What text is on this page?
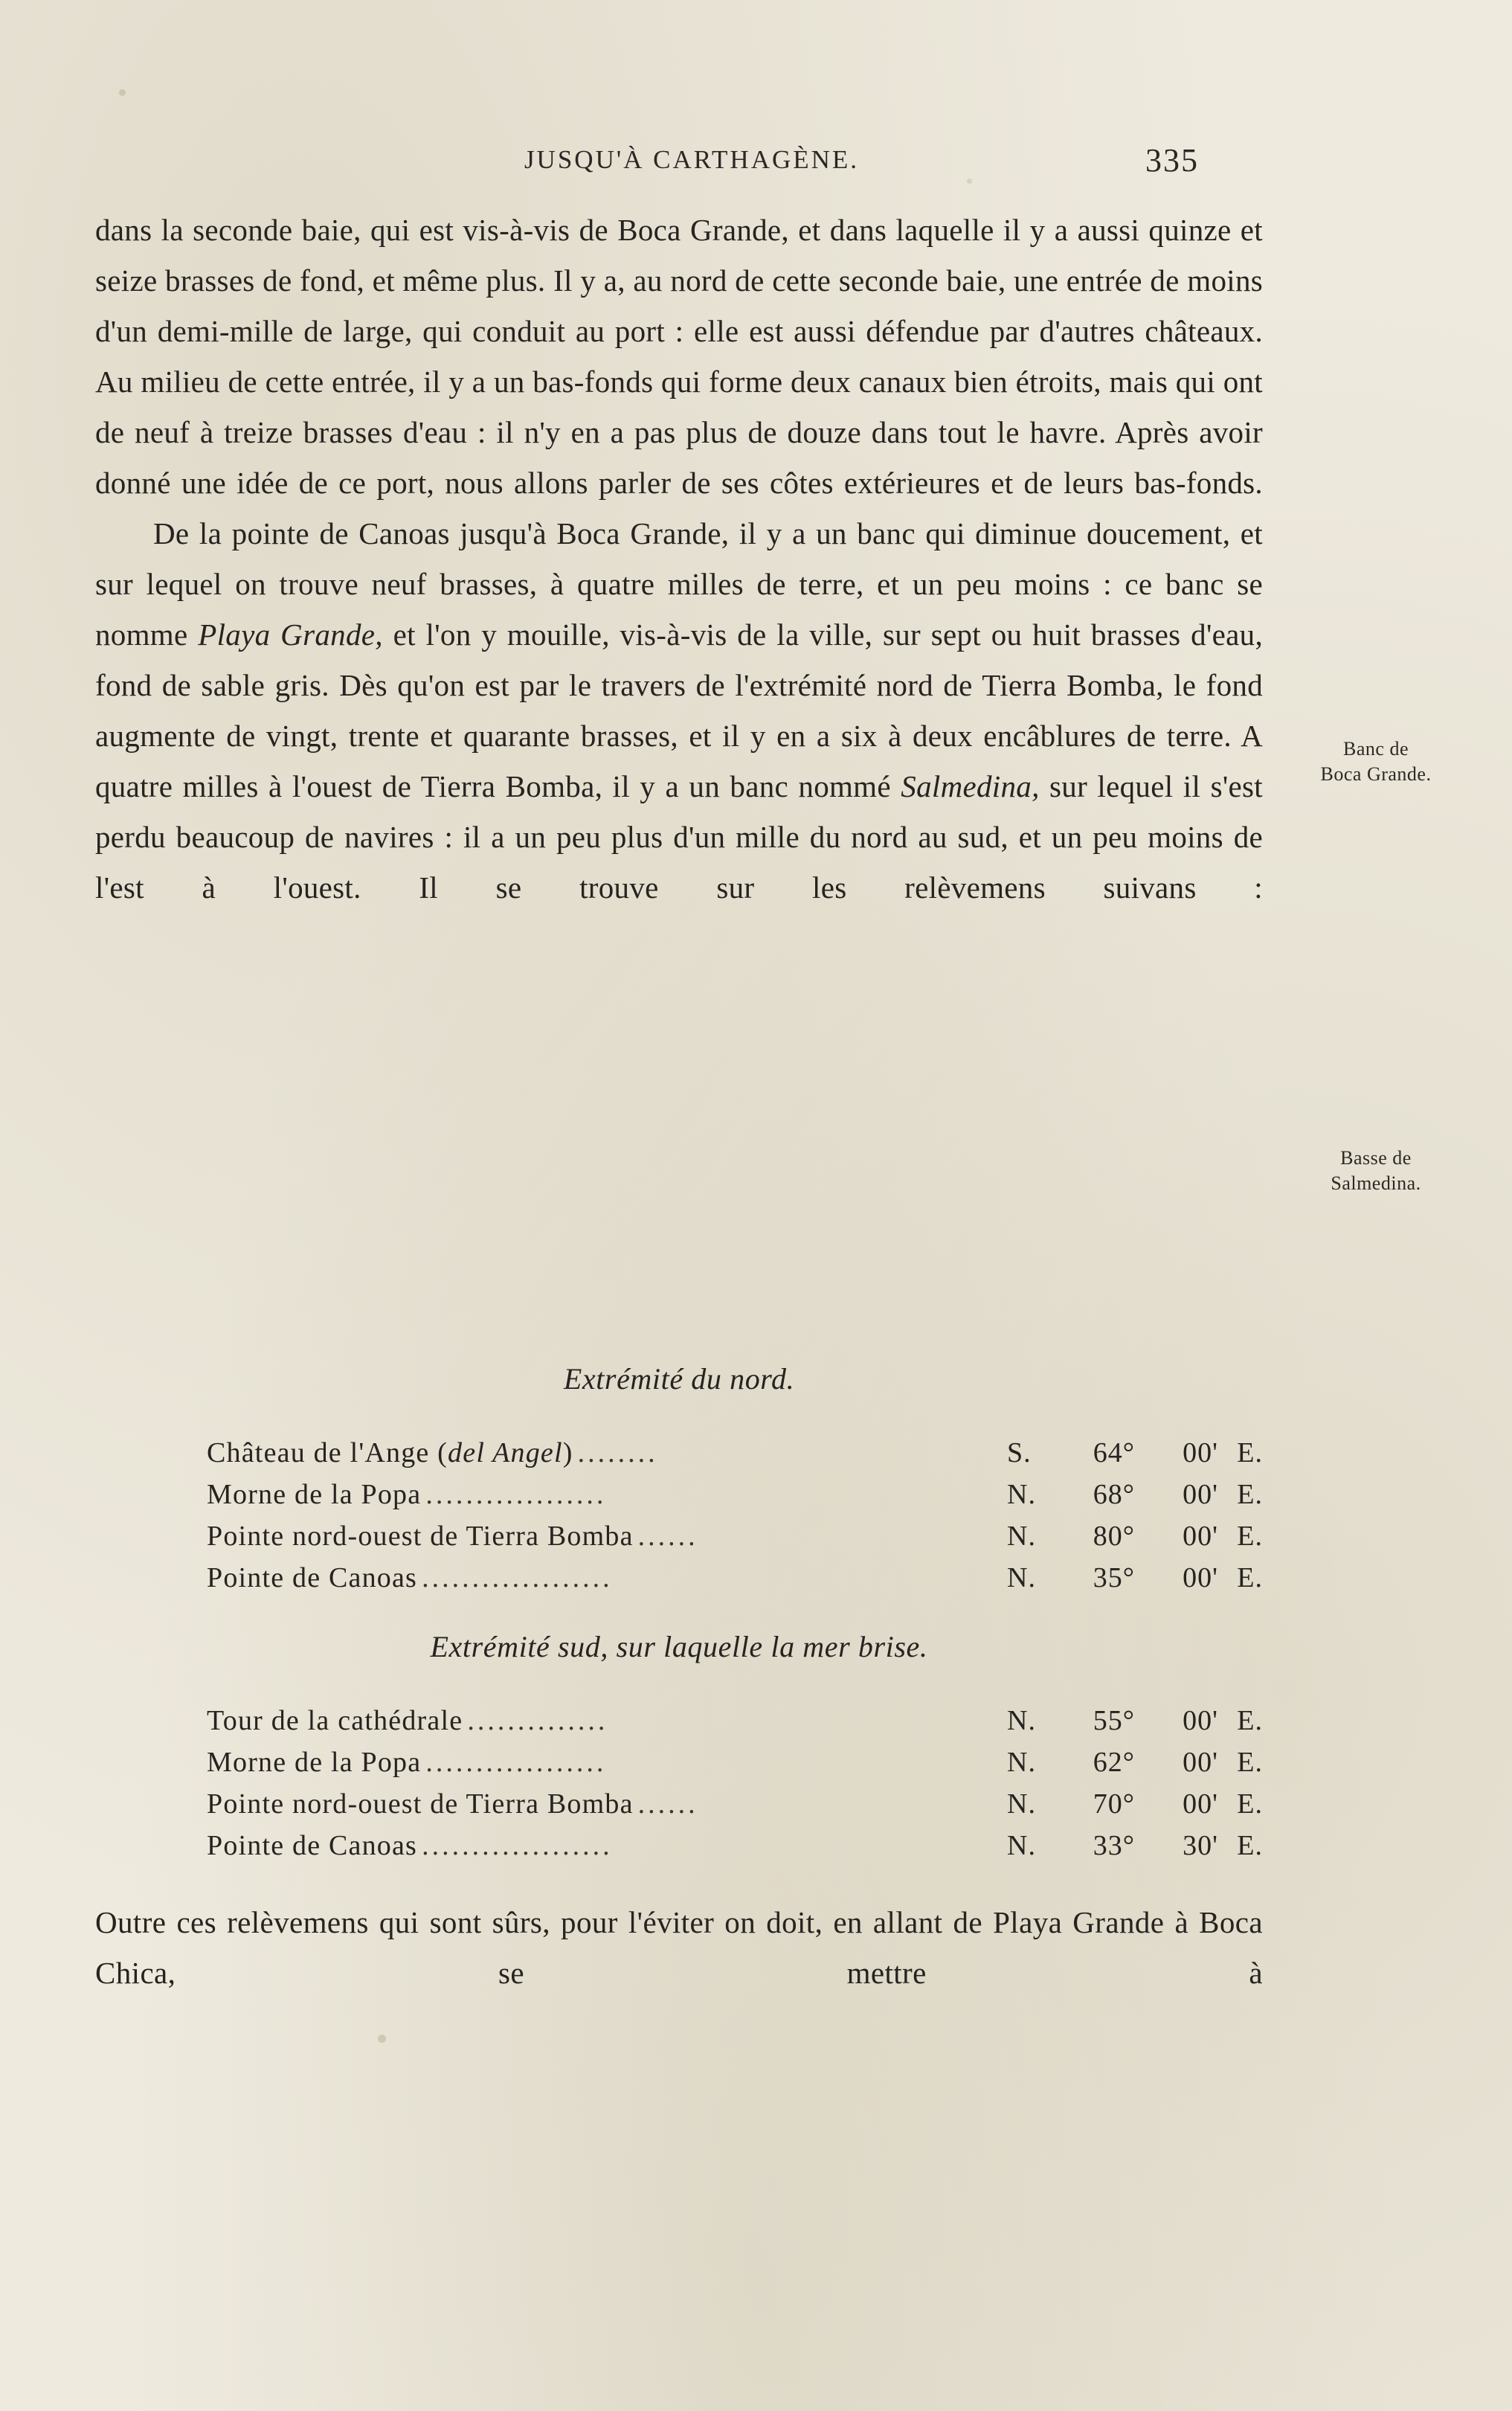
JUSQU'À CARTHAGÈNE.	335

dans la seconde baie, qui est vis-à-vis de Boca Grande, et dans laquelle il y a aussi quinze et seize brasses de fond, et même plus. Il y a, au nord de cette seconde baie, une entrée de moins d'un demi-mille de large, qui conduit au port : elle est aussi défendue par d'autres châteaux. Au milieu de cette entrée, il y a un bas-fonds qui forme deux canaux bien étroits, mais qui ont de neuf à treize brasses d'eau : il n'y en a pas plus de douze dans tout le havre. Après avoir donné une idée de ce port, nous allons parler de ses côtes extérieures et de leurs bas-fonds.

De la pointe de Canoas jusqu'à Boca Grande, il y a un banc qui diminue doucement, et sur lequel on trouve neuf brasses, à quatre milles de terre, et un peu moins : ce banc se nomme Playa Grande, et l'on y mouille, vis-à-vis de la ville, sur sept ou huit brasses d'eau, fond de sable gris. Dès qu'on est par le travers de l'extrémité nord de Tierra Bomba, le fond augmente de vingt, trente et quarante brasses, et il y en a six à deux encâblures de terre. A quatre milles à l'ouest de Tierra Bomba, il y a un banc nommé Salmedina, sur lequel il s'est perdu beaucoup de navires : il a un peu plus d'un mille du nord au sud, et un peu moins de l'est à l'ouest. Il se trouve sur les relèvemens suivans :

Banc de
Boca Grande.
Basse de
Salmedina.
Extrémité du nord.
Château de l'Ange (del Angel) ........	S.	64°	00' E.
Morne de la Popa ..................	N.	68°	00' E.
Pointe nord-ouest de Tierra Bomba ......	N.	80°	00' E.
Pointe de Canoas ...................	N.	35°	00' E.
Extrémité sud, sur laquelle la mer brise.
Tour de la cathédrale ..............	N.	55°	00' E.
Morne de la Popa ..................	N.	62°	00' E.
Pointe nord-ouest de Tierra Bomba ......	N.	70°	00' E.
Pointe de Canoas ...................	N.	33°	30' E.
Outre ces relèvemens qui sont sûrs, pour l'éviter on doit, en allant de Playa Grande à Boca Chica, se mettre à
